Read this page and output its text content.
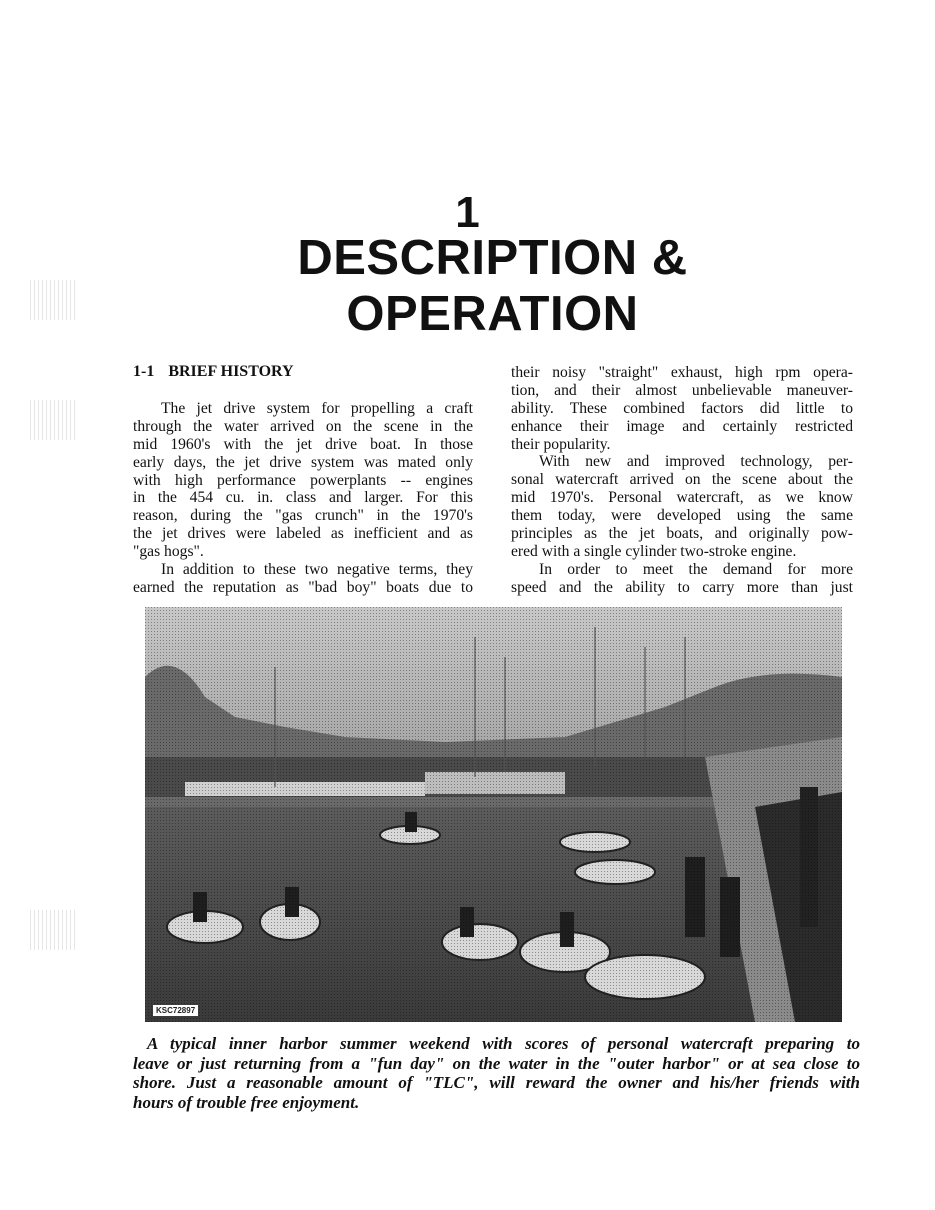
1
DESCRIPTION & OPERATION
1-1 BRIEF HISTORY
The jet drive system for propelling a craft
through the water arrived on the scene in the
mid 1960's with the jet drive boat. In those
early days, the jet drive system was mated only
with high performance powerplants -- engines
in the 454 cu. in. class and larger. For this
reason, during the "gas crunch" in the 1970's
the jet drives were labeled as inefficient and as
"gas hogs".
In addition to these two negative terms, they
earned the reputation as "bad boy" boats due to
their noisy "straight" exhaust, high rpm opera-
tion, and their almost unbelievable maneuver-
ability. These combined factors did little to
enhance their image and certainly restricted
their popularity.
With new and improved technology, per-
sonal watercraft arrived on the scene about the
mid 1970's. Personal watercraft, as we know
them today, were developed using the same
principles as the jet boats, and originally pow-
ered with a single cylinder two-stroke engine.
In order to meet the demand for more
speed and the ability to carry more than just
KSC72897
A typical inner harbor summer weekend with scores of personal watercraft preparing to
leave or just returning from a "fun day" on the water in the "outer harbor" or at sea close to
shore. Just a reasonable amount of "TLC", will reward the owner and his/her friends with
hours of trouble free enjoyment.
